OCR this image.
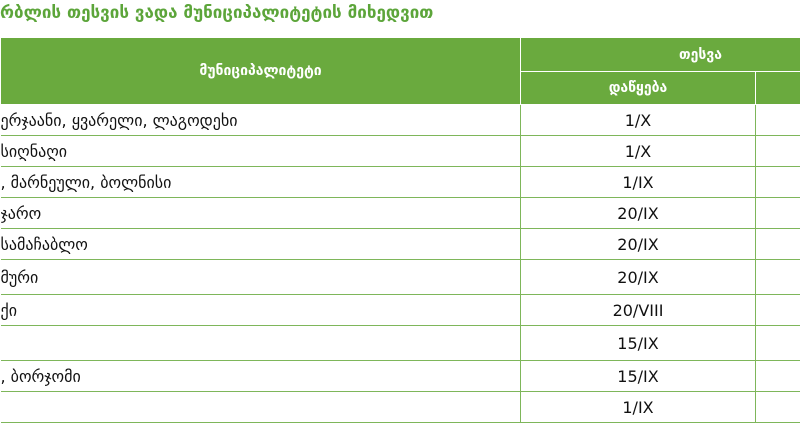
რბლის თესვის ვადა მუნიციპალიტეტის მიხედვით
მუნიციპალიტეტი	თესვა	
	დაწყება	
ერჯაანი, ყვარელი, ლაგოდეხი	1/X	
სიღნაღი	1/X	
, მარნეული, ბოლნისი	1/IX	
ჯარო	20/IX	
სამაჩაბლო	20/IX	
მური	20/IX	
ქი	20/VIII	
	15/IX	
, ბორჯომი	15/IX	
	1/IX	
